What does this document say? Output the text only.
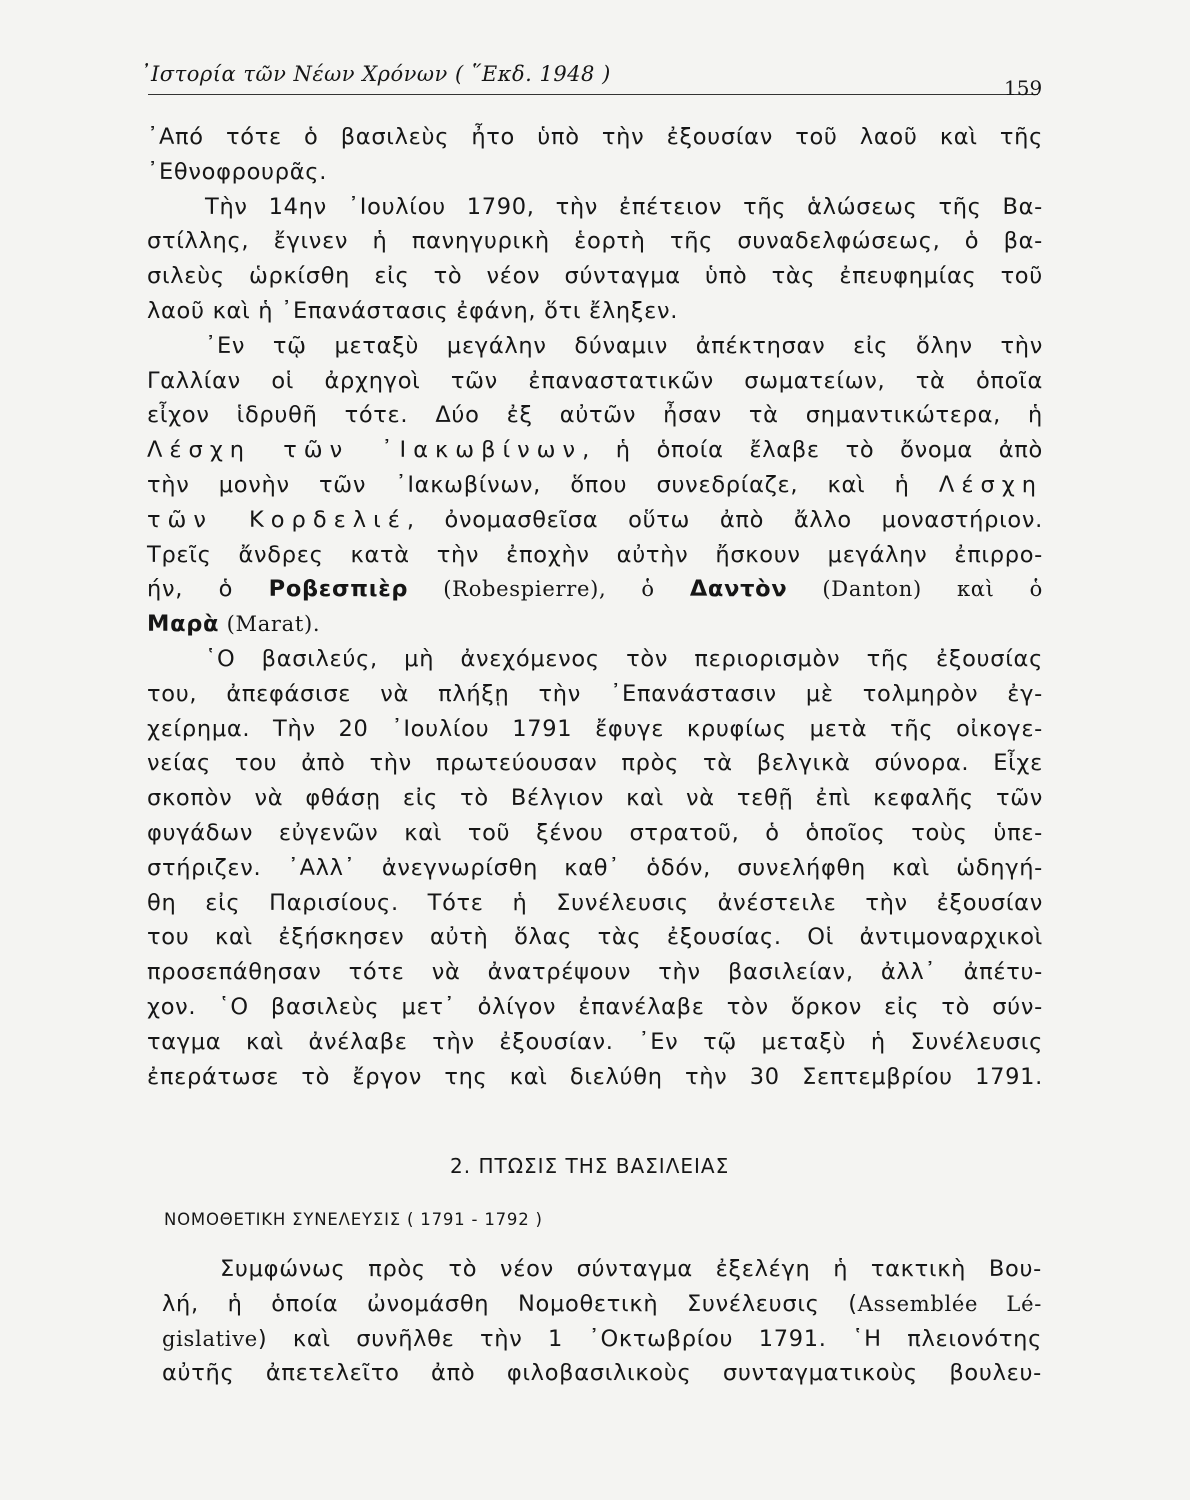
᾽Ιστορία τῶν Νέων Χρόνων ( ῞Εκδ. 1948 )
159
᾽Από τότε ὁ βασιλεὺς ἦτο ὑπὸ τὴν ἐξουσίαν τοῦ λαοῦ καὶ τῆς
᾽Εθνοφρουρᾶς.
Τὴν 14ην ᾽Ιουλίου 1790, τὴν ἐπέτειον τῆς ἁλώσεως τῆς Βα-
στίλλης, ἔγινεν ἡ πανηγυρικὴ ἑορτὴ τῆς συναδελφώσεως, ὁ βα-
σιλεὺς ὡρκίσθη εἰς τὸ νέον σύνταγμα ὑπὸ τὰς ἐπευφημίας τοῦ
λαοῦ καὶ ἡ ᾽Επανάστασις ἐφάνη, ὅτι ἔληξεν.
᾽Εν τῷ μεταξὺ μεγάλην δύναμιν ἀπέκτησαν εἰς ὅλην τὴν
Γαλλίαν οἱ ἀρχηγοὶ τῶν ἐπαναστατικῶν σωματείων, τὰ ὁποῖα
εἶχον ἱδρυθῆ τότε. Δύο ἐξ αὐτῶν ἦσαν τὰ σημαντικώτερα, ἡ
Λέσχη τῶν ᾽Ιακωβίνων, ἡ ὁποία ἔλαβε τὸ ὄνομα ἀπὸ
τὴν μονὴν τῶν ᾽Ιακωβίνων, ὅπου συνεδρίαζε, καὶ ἡ Λέσχη
τῶν Κορδελιέ, ὀνομασθεῖσα οὕτω ἀπὸ ἄλλο μοναστήριον.
Τρεῖς ἄνδρες κατὰ τὴν ἐποχὴν αὐτὴν ἤσκουν μεγάλην ἐπιρρο-
ήν, ὁ Ροβεσπιὲρ (Robespierre), ὁ Δαντὸν (Danton) καὶ ὁ
Μαρὰ (Marat).
῾Ο βασιλεύς, μὴ ἀνεχόμενος τὸν περιορισμὸν τῆς ἐξουσίας
του, ἀπεφάσισε νὰ πλήξῃ τὴν ᾽Επανάστασιν μὲ τολμηρὸν ἐγ-
χείρημα. Τὴν 20 ᾽Ιουλίου 1791 ἔφυγε κρυφίως μετὰ τῆς οἰκογε-
νείας του ἀπὸ τὴν πρωτεύουσαν πρὸς τὰ βελγικὰ σύνορα. Εἶχε
σκοπὸν νὰ φθάσῃ εἰς τὸ Βέλγιον καὶ νὰ τεθῇ ἐπὶ κεφαλῆς τῶν
φυγάδων εὐγενῶν καὶ τοῦ ξένου στρατοῦ, ὁ ὁποῖος τοὺς ὑπε-
στήριζεν. ᾽Αλλ᾽ ἀνεγνωρίσθη καθ᾽ ὁδόν, συνελήφθη καὶ ὡδηγή-
θη εἰς Παρισίους. Τότε ἡ Συνέλευσις ἀνέστειλε τὴν ἐξουσίαν
του καὶ ἐξήσκησεν αὐτὴ ὅλας τὰς ἐξουσίας. Οἱ ἀντιμοναρχικοὶ
προσεπάθησαν τότε νὰ ἀνατρέψουν τὴν βασιλείαν, ἀλλ᾽ ἀπέτυ-
χον. ῾Ο βασιλεὺς μετ᾽ ὀλίγον ἐπανέλαβε τὸν ὅρκον εἰς τὸ σύν-
ταγμα καὶ ἀνέλαβε τὴν ἐξουσίαν. ᾽Εν τῷ μεταξὺ ἡ Συνέλευσις
ἐπεράτωσε τὸ ἔργον της καὶ διελύθη τὴν 30 Σεπτεμβρίου 1791.
2. ΠΤΩΣΙΣ ΤΗΣ ΒΑΣΙΛΕΙΑΣ
ΝΟΜΟΘΕΤΙΚΗ ΣΥΝΕΛΕΥΣΙΣ ( 1791 - 1792 )
Συμφώνως πρὸς τὸ νέον σύνταγμα ἐξελέγη ἡ τακτικὴ Βου-
λή, ἡ ὁποία ὠνομάσθη Νομοθετικὴ Συνέλευσις (Assemblée Lé-
gislative) καὶ συνῆλθε τὴν 1 ᾽Οκτωβρίου 1791. ῾Η πλειονότης
αὐτῆς ἀπετελεῖτο ἀπὸ φιλοβασιλικοὺς συνταγματικοὺς βουλευ-
